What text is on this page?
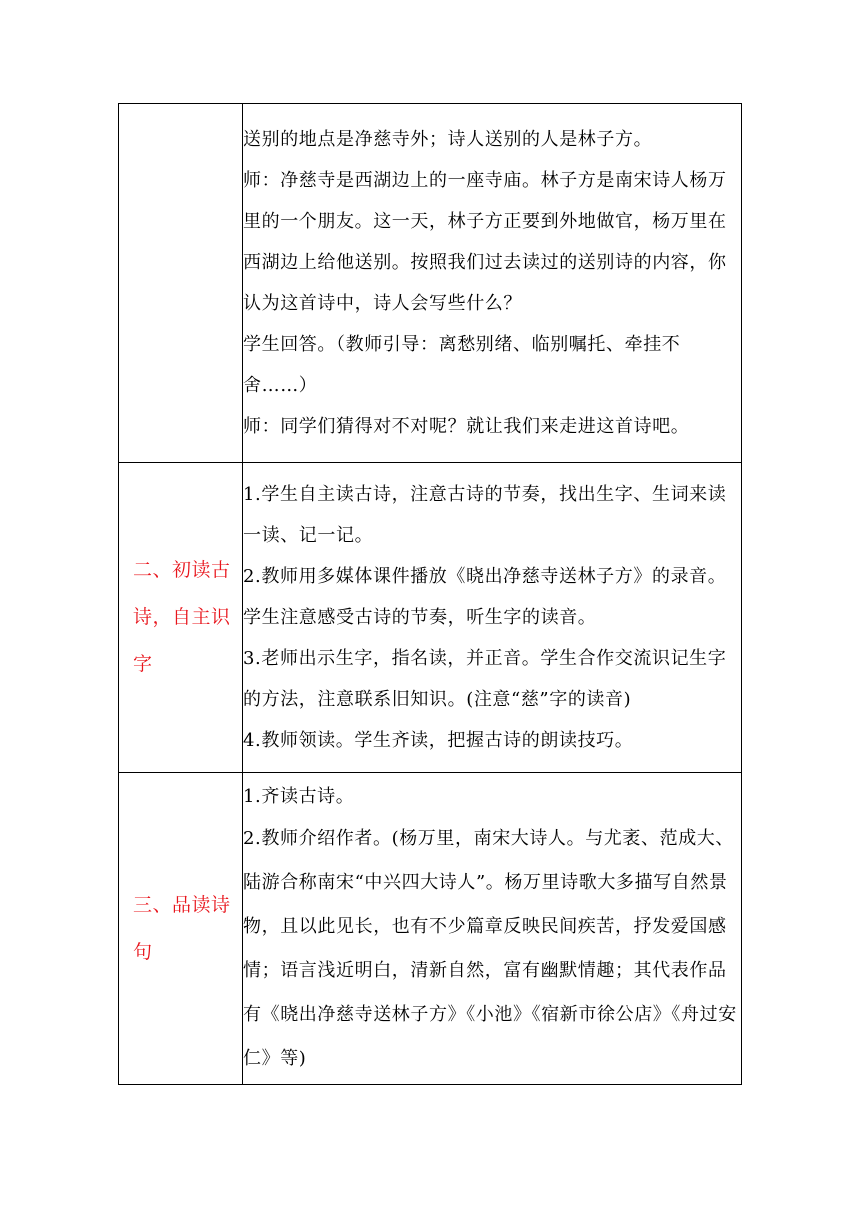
	送别的地点是净慈寺外；诗人送别的人是林子方。

师：净慈寺是西湖边上的一座寺庙。林子方是南宋诗人杨万里的一个朋友。这一天，林子方正要到外地做官，杨万里在西湖边上给他送别。按照我们过去读过的送别诗的内容，你认为这首诗中，诗人会写些什么？

学生回答。（教师引导：离愁别绪、临别嘱托、牵挂不舍……）

师：同学们猜得对不对呢？就让我们来走进这首诗吧。

二、初读古诗，自主识字	1.学生自主读古诗，注意古诗的节奏，找出生字、生词来读一读、记一记。

2.教师用多媒体课件播放《晓出净慈寺送林子方》的录音。学生注意感受古诗的节奏，听生字的读音。

3.老师出示生字，指名读，并正音。学生合作交流识记生字的方法，注意联系旧知识。(注意“慈”字的读音)

4.教师领读。学生齐读，把握古诗的朗读技巧。

三、品读诗句	1.齐读古诗。

2.教师介绍作者。(杨万里，南宋大诗人。与尤袤、范成大、陆游合称南宋“中兴四大诗人”。杨万里诗歌大多描写自然景物，且以此见长，也有不少篇章反映民间疾苦，抒发爱国感情；语言浅近明白，清新自然，富有幽默情趣；其代表作品有《晓出净慈寺送林子方》《小池》《宿新市徐公店》《舟过安仁》等)
